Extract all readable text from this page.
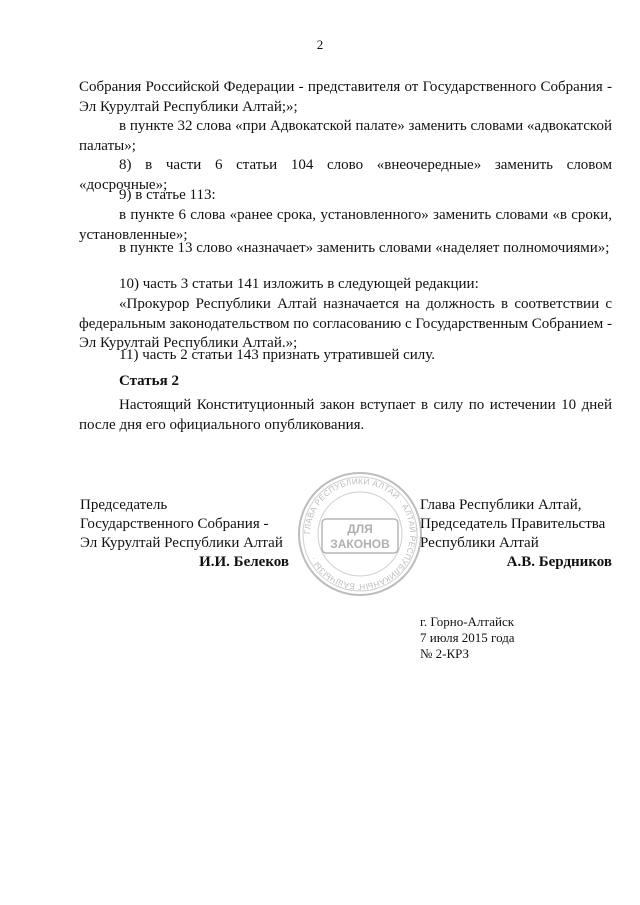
2
Собрания Российской Федерации - представителя от Государственного Собрания - Эл Курултай Республики Алтай;»;
в пункте 32 слова «при Адвокатской палате» заменить словами «адвокатской палаты»;
8) в части 6 статьи 104 слово «внеочередные» заменить словом «досрочные»;
9) в статье 113:
в пункте 6 слова «ранее срока, установленного» заменить словами «в сроки, установленные»;
в пункте 13 слово «назначает» заменить словами «наделяет полномочиями»;
10) часть 3 статьи 141 изложить в следующей редакции:
«Прокурор Республики Алтай назначается на должность в соответствии с федеральным законодательством по согласованию с Государственным Собранием - Эл Курултай Республики Алтай.»;
11) часть 2 статьи 143 признать утратившей силу.
Статья 2
Настоящий Конституционный закон вступает в силу по истечении 10 дней после дня его официального опубликования.
Председатель
Государственного Собрания -
Эл Курултай Республики Алтай
И.И. Белеков
ГЛАВА РЕСПУБЛИКИ АЛТАЙ · АЛТАЙ РЕСПУБЛИКАНЫҤ БАШЧЫЗЫ ·
ДЛЯ
ЗАКОНОВ
Глава Республики Алтай,
Председатель Правительства
Республики Алтай
А.В. Бердников
г. Горно-Алтайск
7 июля 2015 года
№ 2-КРЗ
